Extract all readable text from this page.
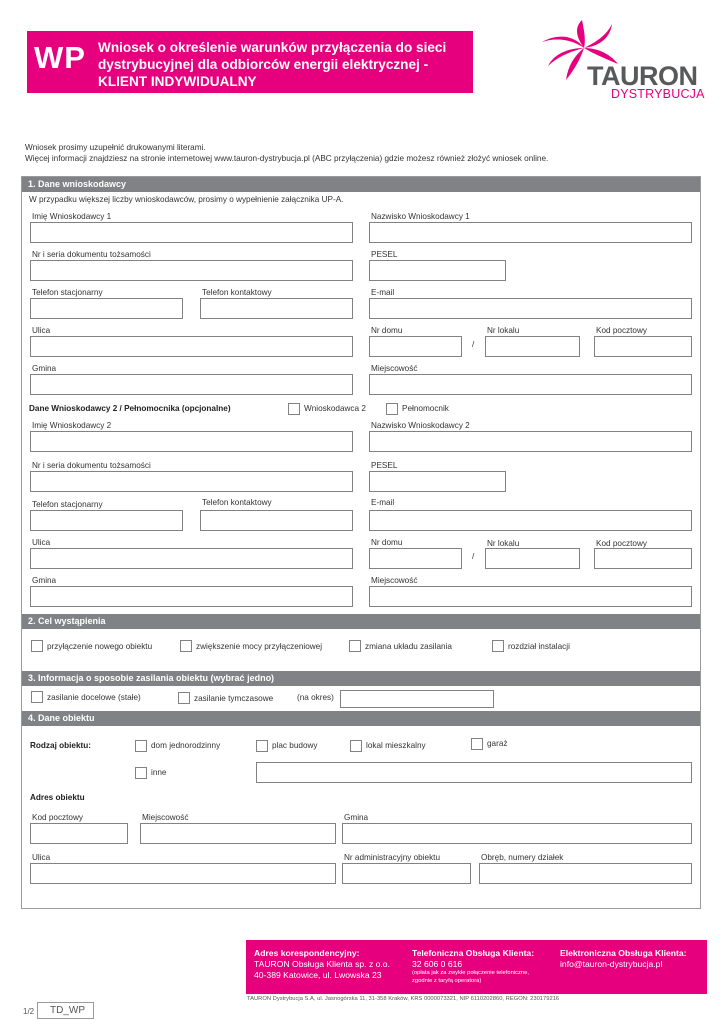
WP Wniosek o określenie warunków przyłączenia do sieci
dystrybucyjnej dla odbiorców energii elektrycznej -
KLIENT INDYWIDUALNY	TAURON
DYSTRYBUCJA
Wniosek prosimy uzupełnić drukowanymi literami.
Więcej informacji znajdziesz na stronie internetowej www.tauron-dystrybucja.pl (ABC przyłączenia) gdzie możesz również złożyć wniosek online.
1. Dane wnioskodawcy
W przypadku większej liczby wnioskodawców, prosimy o wypełnienie załącznika UP-A.
Imię Wnioskodawcy 1	Nazwisko Wnioskodawcy 1
Nr i seria dokumentu tożsamości	PESEL
Telefon stacjonarny	Telefon kontaktowy	E-mail
Ulica	Nr domu	Nr lokalu	Kod pocztowy
/
Gmina	Miejscowość
Dane Wnioskodawcy 2 / Pełnomocnika (opcjonalne)	Wnioskodawca 2	Pełnomocnik
Imię Wnioskodawcy 2	Nazwisko Wnioskodawcy 2
Nr i seria dokumentu tożsamości	PESEL
Telefon stacjonarny	Telefon kontaktowy	E-mail
Ulica	Nr domu	Nr lokalu	Kod pocztowy
/
Gmina	Miejscowość
2. Cel wystąpienia
przyłączenie nowego obiektu	zwiększenie mocy przyłączeniowej	zmiana układu zasilania	rozdział instalacji
3. Informacja o sposobie zasilania obiektu (wybrać jedno)
zasilanie docelowe (stałe)	zasilanie tymczasowe	(na okres)
4. Dane obiektu
Rodzaj obiektu:	dom jednorodzinny	plac budowy	lokal mieszkalny	garaż
inne
Adres obiektu
Kod pocztowy	Miejscowość	Gmina
Ulica	Nr administracyjny obiektu	Obręb, numery działek
Adres korespondencyjny:
TAURON Obsługa Klienta sp. z o.o.
40-389 Katowice, ul. Lwowska 23
Telefoniczna Obsługa Klienta:
32 606 0 616
(opłata jak za zwykłe połączenie telefoniczne,
zgodnie z taryfą operatora)
Elektroniczna Obsługa Klienta:
info@tauron-dystrybucja.pl
TAURON Dystrybucja S.A, ul. Jasnogórska 11, 31-358 Kraków, KRS 0000073321, NIP 6110202860, REGON: 230179216
1/2	TD_WP
